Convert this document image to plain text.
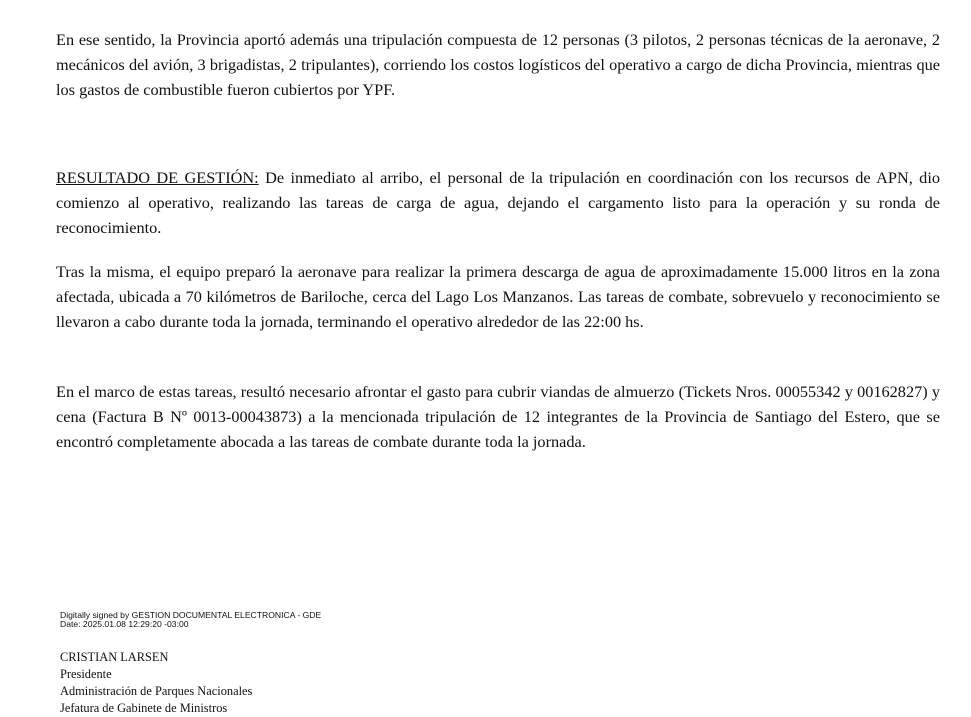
En ese sentido, la Provincia aportó además una tripulación compuesta de 12 personas (3 pilotos, 2 personas técnicas de la aeronave, 2 mecánicos del avión, 3 brigadistas, 2 tripulantes), corriendo los costos logísticos del operativo a cargo de dicha Provincia, mientras que los gastos de combustible fueron cubiertos por YPF.

RESULTADO DE GESTIÓN: De inmediato al arribo, el personal de la tripulación en coordinación con los recursos de APN, dio comienzo al operativo, realizando las tareas de carga de agua, dejando el cargamento listo para la operación y su ronda de reconocimiento.

Tras la misma, el equipo preparó la aeronave para realizar la primera descarga de agua de aproximadamente 15.000 litros en la zona afectada, ubicada a 70 kilómetros de Bariloche, cerca del Lago Los Manzanos. Las tareas de combate, sobrevuelo y reconocimiento se llevaron a cabo durante toda la jornada, terminando el operativo alrededor de las 22:00 hs.

En el marco de estas tareas, resultó necesario afrontar el gasto para cubrir viandas de almuerzo (Tickets Nros. 00055342 y 00162827) y cena (Factura B Nº 0013-00043873) a la mencionada tripulación de 12 integrantes de la Provincia de Santiago del Estero, que se encontró completamente abocada a las tareas de combate durante toda la jornada.

Digitally signed by GESTION DOCUMENTAL ELECTRONICA - GDE
Date: 2025.01.08 12:29:20 -03:00
CRISTIAN LARSEN
Presidente
Administración de Parques Nacionales
Jefatura de Gabinete de Ministros
